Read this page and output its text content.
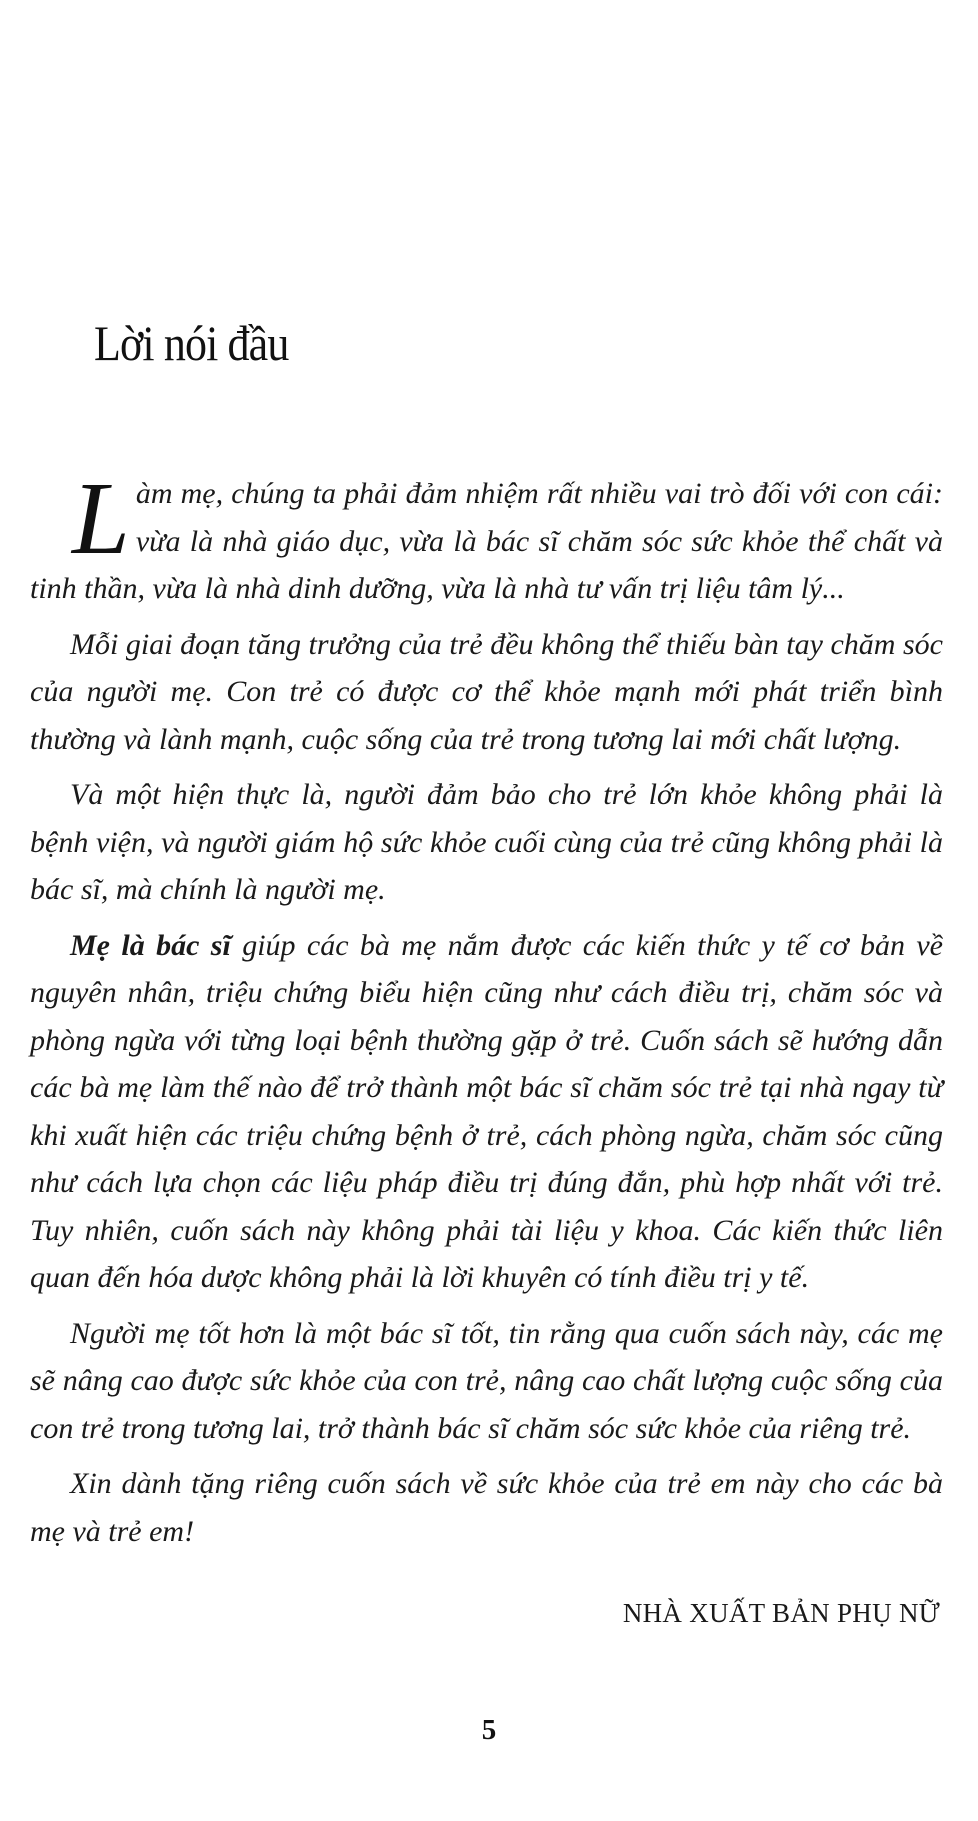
Lời nói đầu

Làm mẹ, chúng ta phải đảm nhiệm rất nhiều vai trò đối với con cái: vừa là nhà giáo dục, vừa là bác sĩ chăm sóc sức khỏe thể chất và tinh thần, vừa là nhà dinh dưỡng, vừa là nhà tư vấn trị liệu tâm lý...

Mỗi giai đoạn tăng trưởng của trẻ đều không thể thiếu bàn tay chăm sóc của người mẹ. Con trẻ có được cơ thể khỏe mạnh mới phát triển bình thường và lành mạnh, cuộc sống của trẻ trong tương lai mới chất lượng.

Và một hiện thực là, người đảm bảo cho trẻ lớn khỏe không phải là bệnh viện, và người giám hộ sức khỏe cuối cùng của trẻ cũng không phải là bác sĩ, mà chính là người mẹ.

Mẹ là bác sĩ giúp các bà mẹ nắm được các kiến thức y tế cơ bản về nguyên nhân, triệu chứng biểu hiện cũng như cách điều trị, chăm sóc và phòng ngừa với từng loại bệnh thường gặp ở trẻ. Cuốn sách sẽ hướng dẫn các bà mẹ làm thế nào để trở thành một bác sĩ chăm sóc trẻ tại nhà ngay từ khi xuất hiện các triệu chứng bệnh ở trẻ, cách phòng ngừa, chăm sóc cũng như cách lựa chọn các liệu pháp điều trị đúng đắn, phù hợp nhất với trẻ. Tuy nhiên, cuốn sách này không phải tài liệu y khoa. Các kiến thức liên quan đến hóa dược không phải là lời khuyên có tính điều trị y tế.

Người mẹ tốt hơn là một bác sĩ tốt, tin rằng qua cuốn sách này, các mẹ sẽ nâng cao được sức khỏe của con trẻ, nâng cao chất lượng cuộc sống của con trẻ trong tương lai, trở thành bác sĩ chăm sóc sức khỏe của riêng trẻ.

Xin dành tặng riêng cuốn sách về sức khỏe của trẻ em này cho các bà mẹ và trẻ em!

NHÀ XUẤT BẢN PHỤ NỮ
5
